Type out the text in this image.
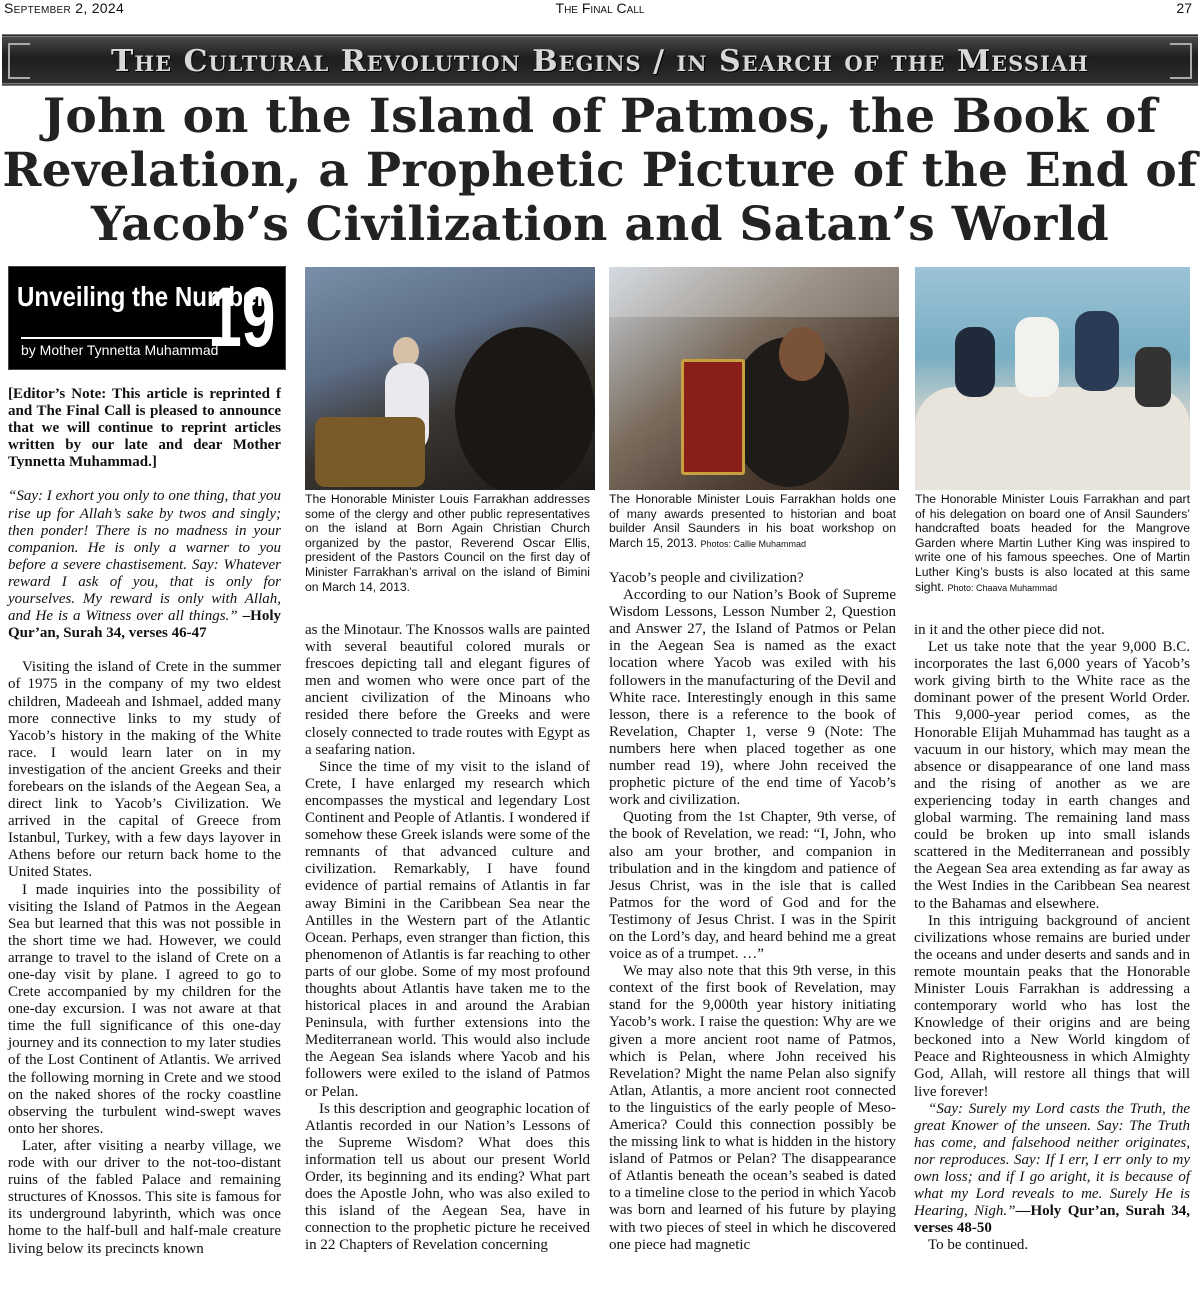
September 2, 2024	The Final Call	27
The Cultural Revolution Begins / in Search of the Messiah
John on the Island of Patmos, the Book of Revelation, a Prophetic Picture of the End of Yacob’s Civilization and Satan’s World
Unveiling the Number
19
by Mother Tynnetta Muhammad
The Honorable Minister Louis Farrakhan addresses some of the clergy and other public representatives on the island at Born Again Christian Church organized by the pastor, Reverend Oscar Ellis, president of the Pastors Council on the first day of Minister Farrakhan’s arrival on the island of Bimini on March 14, 2013.
The Honorable Minister Louis Farrakhan holds one of many awards presented to historian and boat builder Ansil Saunders in his boat workshop on March 15, 2013. Photos: Callie Muhammad
The Honorable Minister Louis Farrakhan and part of his delegation on board one of Ansil Saunders’ handcrafted boats headed for the Mangrove Garden where Martin Luther King was inspired to write one of his famous speeches. One of Martin Luther King’s busts is also located at this same sight. Photo: Chaava Muhammad

[Editor’s Note: This article is reprinted f and The Final Call is pleased to announce that we will continue to reprint articles written by our late and dear Mother Tynnetta Muhammad.]

“Say: I exhort you only to one thing, that you rise up for Allah’s sake by twos and singly; then ponder! There is no madness in your companion. He is only a warner to you before a severe chastisement. Say: Whatever reward I ask of you, that is only for yourselves. My reward is only with Allah, and He is a Witness over all things.” –Holy Qur’an, Surah 34, verses 46-47

Visiting the island of Crete in the summer of 1975 in the company of my two eldest children, Madeeah and Ishmael, added many more connective links to my study of Yacob’s history in the making of the White race. I would learn later on in my investigation of the ancient Greeks and their forebears on the islands of the Aegean Sea, a direct link to Yacob’s Civilization. We arrived in the capital of Greece from Istanbul, Turkey, with a few days layover in Athens before our return back home to the United States.

I made inquiries into the possibility of visiting the Island of Patmos in the Aegean Sea but learned that this was not possible in the short time we had. However, we could arrange to travel to the island of Crete on a one-day visit by plane. I agreed to go to Crete accompanied by my children for the one-day excursion. I was not aware at that time the full significance of this one-day journey and its connection to my later studies of the Lost Continent of Atlantis. We arrived the following morning in Crete and we stood on the naked shores of the rocky coastline observing the turbulent wind-swept waves onto her shores.

Later, after visiting a nearby village, we rode with our driver to the not-too-distant ruins of the fabled Palace and remaining structures of Knossos. This site is famous for its underground labyrinth, which was once home to the half-bull and half-male creature living below its precincts known

as the Minotaur. The Knossos walls are painted with several beautiful colored murals or frescoes depicting tall and elegant figures of men and women who were once part of the ancient civilization of the Minoans who resided there before the Greeks and were closely connected to trade routes with Egypt as a seafaring nation.

Since the time of my visit to the island of Crete, I have enlarged my research which encompasses the mystical and legendary Lost Continent and People of Atlantis. I wondered if somehow these Greek islands were some of the remnants of that advanced culture and civilization. Remarkably, I have found evidence of partial remains of Atlantis in far away Bimini in the Caribbean Sea near the Antilles in the Western part of the Atlantic Ocean. Perhaps, even stranger than fiction, this phenomenon of Atlantis is far reaching to other parts of our globe. Some of my most profound thoughts about Atlantis have taken me to the historical places in and around the Arabian Peninsula, with further extensions into the Mediterranean world. This would also include the Aegean Sea islands where Yacob and his followers were exiled to the island of Patmos or Pelan.

Is this description and geographic location of Atlantis recorded in our Nation’s Lessons of the Supreme Wisdom? What does this information tell us about our present World Order, its beginning and its ending? What part does the Apostle John, who was also exiled to this island of the Aegean Sea, have in connection to the prophetic picture he received in 22 Chapters of Revelation concerning

Yacob’s people and civilization?

According to our Nation’s Book of Supreme Wisdom Lessons, Lesson Number 2, Question and Answer 27, the Island of Patmos or Pelan in the Aegean Sea is named as the exact location where Yacob was exiled with his followers in the manufacturing of the Devil and White race. Interestingly enough in this same lesson, there is a reference to the book of Revelation, Chapter 1, verse 9 (Note: The numbers here when placed together as one number read 19), where John received the prophetic picture of the end time of Yacob’s work and civilization.

Quoting from the 1st Chapter, 9th verse, of the book of Revelation, we read: “I, John, who also am your brother, and companion in tribulation and in the kingdom and patience of Jesus Christ, was in the isle that is called Patmos for the word of God and for the Testimony of Jesus Christ. I was in the Spirit on the Lord’s day, and heard behind me a great voice as of a trumpet. …”

We may also note that this 9th verse, in this context of the first book of Revelation, may stand for the 9,000th year history initiating Yacob’s work. I raise the question: Why are we given a more ancient root name of Patmos, which is Pelan, where John received his Revelation? Might the name Pelan also signify Atlan, Atlantis, a more ancient root connected to the linguistics of the early people of Meso-America? Could this connection possibly be the missing link to what is hidden in the history island of Patmos or Pelan? The disappearance of Atlantis beneath the ocean’s seabed is dated to a timeline close to the period in which Yacob was born and learned of his future by playing with two pieces of steel in which he discovered one piece had magnetic

in it and the other piece did not.

Let us take note that the year 9,000 B.C. incorporates the last 6,000 years of Yacob’s work giving birth to the White race as the dominant power of the present World Order. This 9,000-year period comes, as the Honorable Elijah Muhammad has taught as a vacuum in our history, which may mean the absence or disappearance of one land mass and the rising of another as we are experiencing today in earth changes and global warming. The remaining land mass could be broken up into small islands scattered in the Mediterranean and possibly the Aegean Sea area extending as far away as the West Indies in the Caribbean Sea nearest to the Bahamas and elsewhere.

In this intriguing background of ancient civilizations whose remains are buried under the oceans and under deserts and sands and in remote mountain peaks that the Honorable Minister Louis Farrakhan is addressing a contemporary world who has lost the Knowledge of their origins and are being beckoned into a New World kingdom of Peace and Righteousness in which Almighty God, Allah, will restore all things that will live forever!

“Say: Surely my Lord casts the Truth, the great Knower of the unseen. Say: The Truth has come, and falsehood neither originates, nor reproduces. Say: If I err, I err only to my own loss; and if I go aright, it is because of what my Lord reveals to me. Surely He is Hearing, Nigh.”—Holy Qur’an, Surah 34, verses 48-50

To be continued.
